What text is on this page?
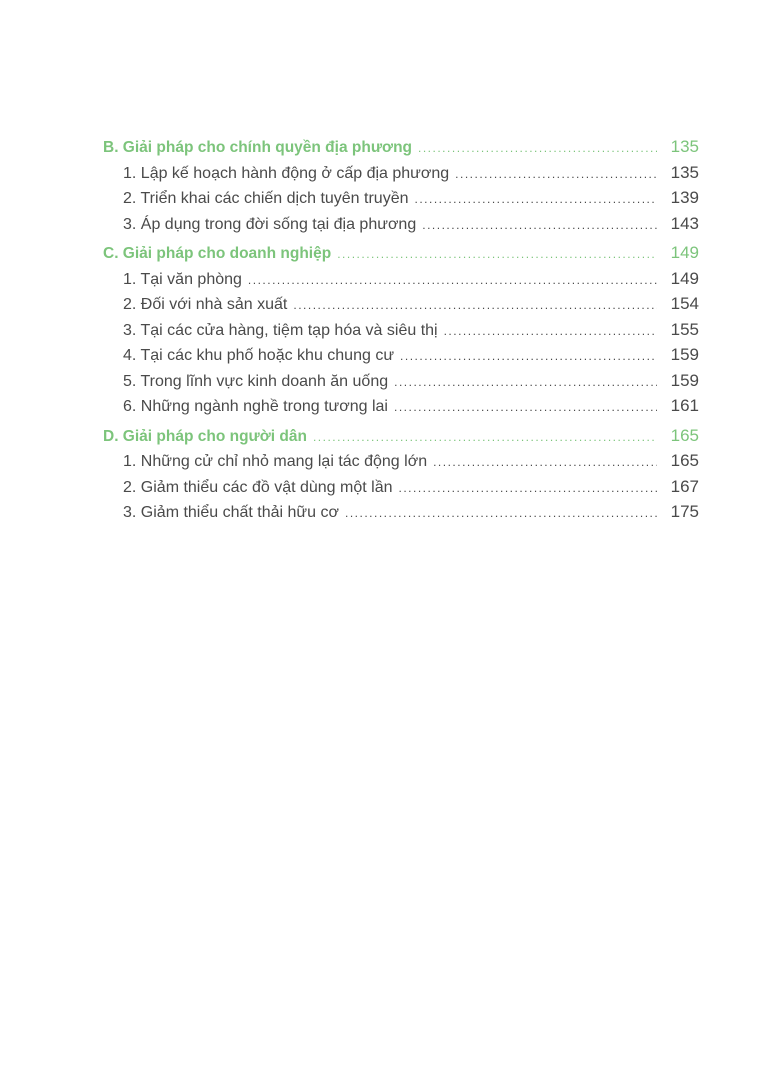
B. Giải pháp cho chính quyền địa phương .....	135
1. Lập kế hoạch hành động ở cấp địa phương .....	135
2. Triển khai các chiến dịch tuyên truyền .....	139
3. Áp dụng trong đời sống tại địa phương .....	143
C. Giải pháp cho doanh nghiệp .....	149
1. Tại văn phòng .....	149
2. Đối với nhà sản xuất .....	154
3. Tại các cửa hàng, tiệm tạp hóa và siêu thị .....	155
4. Tại các khu phố hoặc khu chung cư .....	159
5. Trong lĩnh vực kinh doanh ăn uống .....	159
6. Những ngành nghề trong tương lai .....	161
D. Giải pháp cho người dân .....	165
1. Những cử chỉ nhỏ mang lại tác động lớn .....	165
2. Giảm thiểu các đồ vật dùng một lần .....	167
3. Giảm thiểu chất thải hữu cơ .....	175
